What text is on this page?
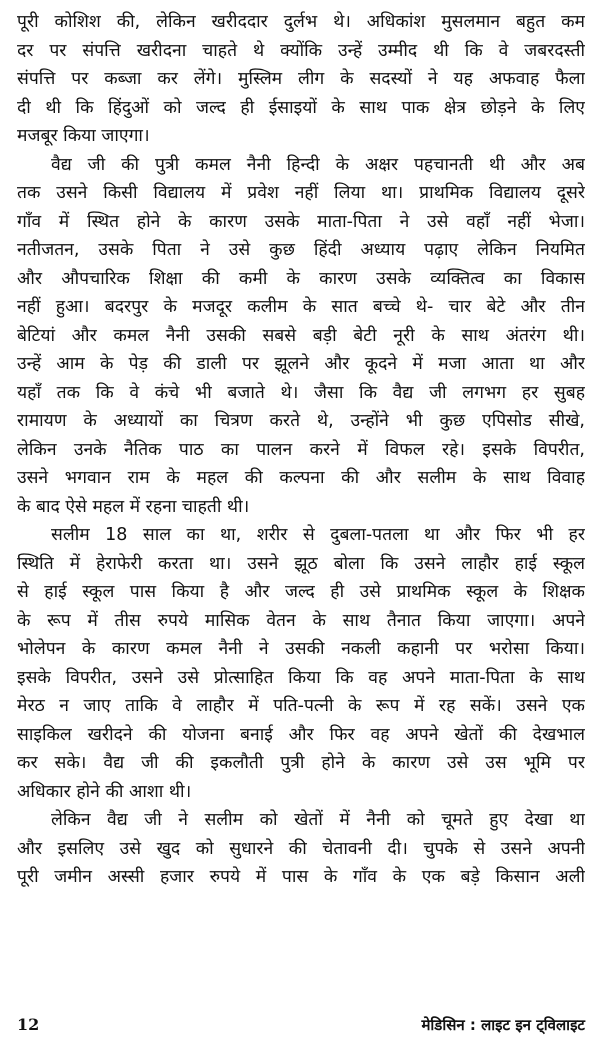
पूरी कोशिश की, लेकिन खरीददार दुर्लभ थे। अधिकांश मुसलमान बहुत कम
दर पर संपत्ति खरीदना चाहते थे क्योंकि उन्हें उम्मीद थी कि वे जबरदस्ती
संपत्ति पर कब्जा कर लेंगे। मुस्लिम लीग के सदस्यों ने यह अफवाह फैला
दी थी कि हिंदुओं को जल्द ही ईसाइयों के साथ पाक क्षेत्र छोड़ने के लिए
मजबूर किया जाएगा।
वैद्य जी की पुत्री कमल नैनी हिन्दी के अक्षर पहचानती थी और अब
तक उसने किसी विद्यालय में प्रवेश नहीं लिया था। प्राथमिक विद्यालय दूसरे
गाँव में स्थित होने के कारण उसके माता-पिता ने उसे वहाँ नहीं भेजा।
नतीजतन, उसके पिता ने उसे कुछ हिंदी अध्याय पढ़ाए लेकिन नियमित
और औपचारिक शिक्षा की कमी के कारण उसके व्यक्तित्व का विकास
नहीं हुआ। बदरपुर के मजदूर कलीम के सात बच्चे थे- चार बेटे और तीन
बेटियां और कमल नैनी उसकी सबसे बड़ी बेटी नूरी के साथ अंतरंग थी।
उन्हें आम के पेड़ की डाली पर झूलने और कूदने में मजा आता था और
यहाँ तक कि वे कंचे भी बजाते थे। जैसा कि वैद्य जी लगभग हर सुबह
रामायण के अध्यायों का चित्रण करते थे, उन्होंने भी कुछ एपिसोड सीखे,
लेकिन उनके नैतिक पाठ का पालन करने में विफल रहे। इसके विपरीत,
उसने भगवान राम के महल की कल्पना की और सलीम के साथ विवाह
के बाद ऐसे महल में रहना चाहती थी।
सलीम 18 साल का था, शरीर से दुबला-पतला था और फिर भी हर
स्थिति में हेराफेरी करता था। उसने झूठ बोला कि उसने लाहौर हाई स्कूल
से हाई स्कूल पास किया है और जल्द ही उसे प्राथमिक स्कूल के शिक्षक
के रूप में तीस रुपये मासिक वेतन के साथ तैनात किया जाएगा। अपने
भोलेपन के कारण कमल नैनी ने उसकी नकली कहानी पर भरोसा किया।
इसके विपरीत, उसने उसे प्रोत्साहित किया कि वह अपने माता-पिता के साथ
मेरठ न जाए ताकि वे लाहौर में पति-पत्नी के रूप में रह सकें। उसने एक
साइकिल खरीदने की योजना बनाई और फिर वह अपने खेतों की देखभाल
कर सके। वैद्य जी की इकलौती पुत्री होने के कारण उसे उस भूमि पर
अधिकार होने की आशा थी।
लेकिन वैद्य जी ने सलीम को खेतों में नैनी को चूमते हुए देखा था
और इसलिए उसे खुद को सुधारने की चेतावनी दी। चुपके से उसने अपनी
पूरी जमीन अस्सी हजार रुपये में पास के गाँव के एक बड़े किसान अली
12	मेडिसिन : लाइट इन ट्विलाइट
